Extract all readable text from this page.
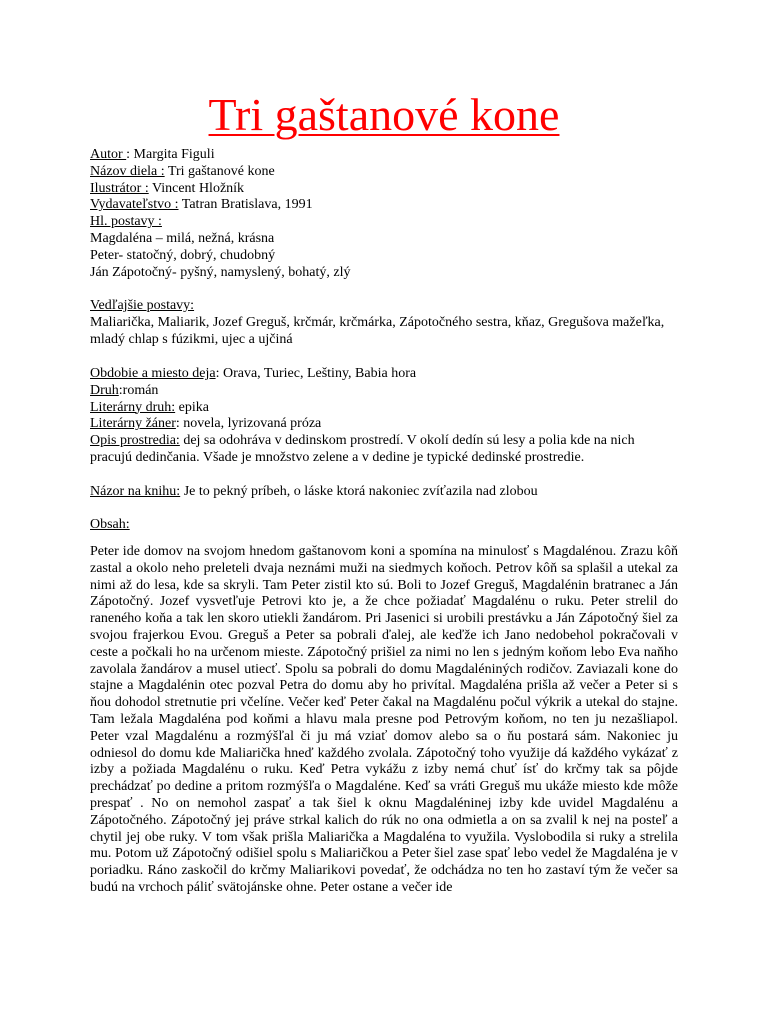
Tri gaštanové kone

Autor : Margita Figuli

Názov diela : Tri gaštanové kone

Ilustrátor : Vincent Hložník

Vydavateľstvo : Tatran Bratislava, 1991

Hl. postavy :

Magdaléna – milá, nežná, krásna

Peter- statočný, dobrý, chudobný

Ján Zápotočný- pyšný, namyslený, bohatý, zlý

Vedľajšie postavy:

Maliarička, Maliarik, Jozef Greguš, krčmár, krčmárka, Zápotočného sestra, kňaz, Gregušova mažeľka, mladý chlap s fúzikmi, ujec a ujčiná

Obdobie a miesto deja: Orava, Turiec, Leštiny, Babia hora

Druh:román

Literárny druh: epika

Literárny žáner: novela, lyrizovaná próza

Opis prostredia: dej sa odohráva v dedinskom prostredí. V okolí dedín sú lesy a polia kde na nich pracujú dedinčania. Všade je množstvo zelene a v dedine je typické dedinské prostredie.

Názor na knihu: Je to pekný príbeh, o láske ktorá nakoniec zvíťazila nad zlobou

Obsah:

Peter ide domov na svojom hnedom gaštanovom koni a spomína na minulosť s Magdalénou. Zrazu kôň zastal a okolo neho preleteli dvaja neznámi muži na siedmych koňoch. Petrov kôň sa splašil a utekal za nimi až do lesa, kde sa skryli. Tam Peter zistil kto sú. Boli to Jozef Greguš, Magdalénin bratranec a Ján Zápotočný. Jozef vysvetľuje Petrovi kto je, a že chce požiadať Magdalénu o ruku. Peter strelil do raneného koňa a tak len skoro utiekli žandárom. Pri Jasenici si urobili prestávku a Ján Zápotočný šiel za svojou frajerkou Evou. Greguš a Peter sa pobrali ďalej, ale keďže ich Jano nedobehol pokračovali v ceste a počkali ho na určenom mieste. Zápotočný prišiel za nimi no len s jedným koňom lebo Eva naňho zavolala žandárov a musel utiecť. Spolu sa pobrali do domu Magdaléniných rodičov. Zaviazali kone do stajne a Magdalénin otec pozval Petra do domu aby ho privítal. Magdaléna prišla až večer a Peter si s ňou dohodol stretnutie pri včelíne. Večer keď Peter čakal na Magdalénu počul výkrik a utekal do stajne. Tam ležala Magdaléna pod koňmi a hlavu mala presne pod Petrovým koňom, no ten ju nezašliapol. Peter vzal Magdalénu a rozmýšľal či ju má vziať domov alebo sa o ňu postará sám. Nakoniec ju odniesol do domu kde Maliarička hneď každého zvolala. Zápotočný toho využije dá každého vykázať z izby a požiada Magdalénu o ruku. Keď Petra vykážu z izby nemá chuť ísť do krčmy tak sa pôjde prechádzať po dedine a pritom rozmýšľa o Magdaléne. Keď sa vráti Greguš mu ukáže miesto kde môže prespať . No on nemohol zaspať a tak šiel k oknu Magdaléninej izby kde uvidel Magdalénu a Zápotočného. Zápotočný jej práve strkal kalich do rúk no ona odmietla a on sa zvalil k nej na posteľ a chytil jej obe ruky. V tom však prišla Maliarička a Magdaléna to využila. Vyslobodila si ruky a strelila mu. Potom už Zápotočný odišiel spolu s Maliaričkou a Peter šiel zase spať lebo vedel že Magdaléna je v poriadku. Ráno zaskočil do krčmy Maliarikovi povedať, že odchádza no ten ho zastaví tým že večer sa budú na vrchoch páliť svätojánske ohne. Peter ostane a večer ide
